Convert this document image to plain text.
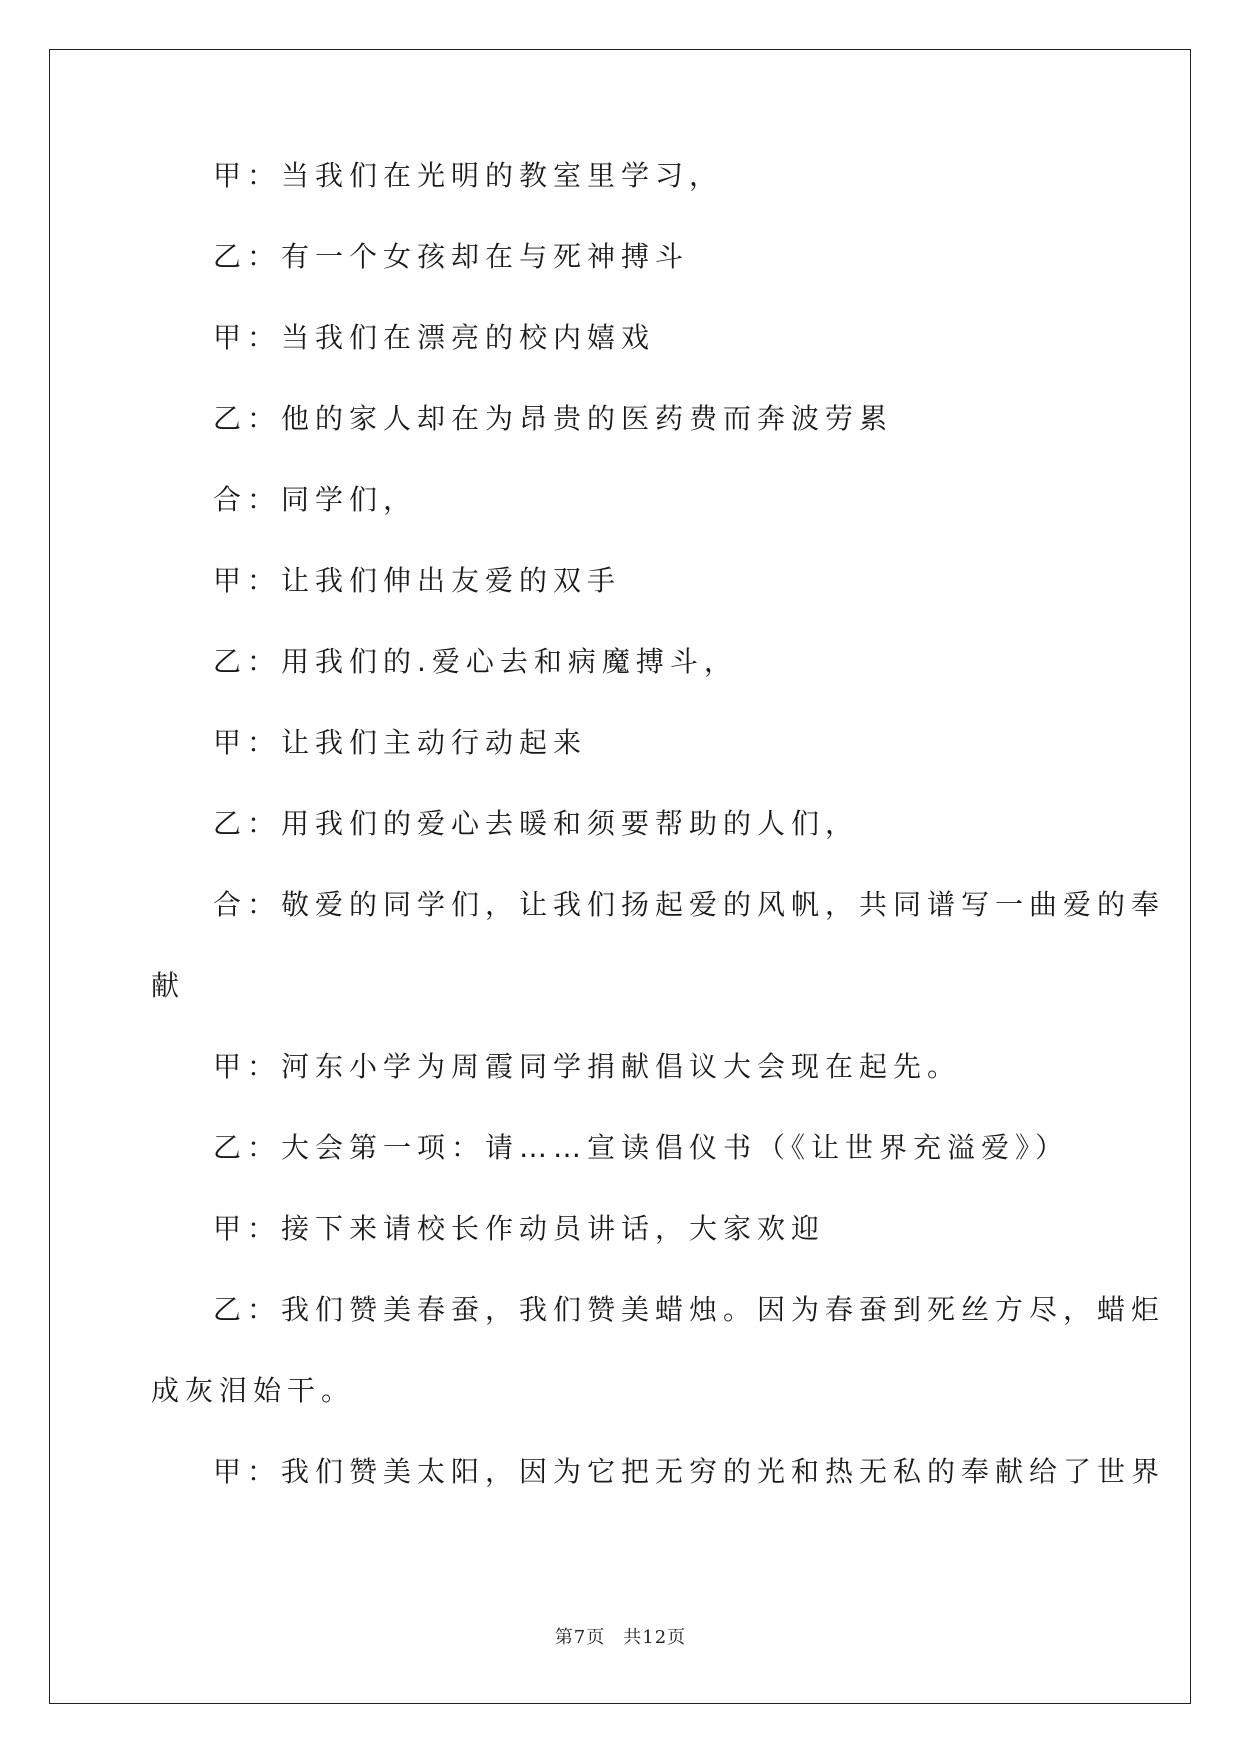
甲：当我们在光明的教室里学习，

乙：有一个女孩却在与死神搏斗

甲：当我们在漂亮的校内嬉戏

乙：他的家人却在为昂贵的医药费而奔波劳累

合：同学们，

甲：让我们伸出友爱的双手

乙：用我们的.爱心去和病魔搏斗，

甲：让我们主动行动起来

乙：用我们的爱心去暖和须要帮助的人们，

合：敬爱的同学们，让我们扬起爱的风帆，共同谱写一曲爱的奉

献

甲：河东小学为周霞同学捐献倡议大会现在起先。

乙：大会第一项：请……宣读倡仪书（《让世界充溢爱》）

甲：接下来请校长作动员讲话，大家欢迎

乙：我们赞美春蚕，我们赞美蜡烛。因为春蚕到死丝方尽，蜡炬

成灰泪始干。

甲：我们赞美太阳，因为它把无穷的光和热无私的奉献给了世界

第7页 共12页
